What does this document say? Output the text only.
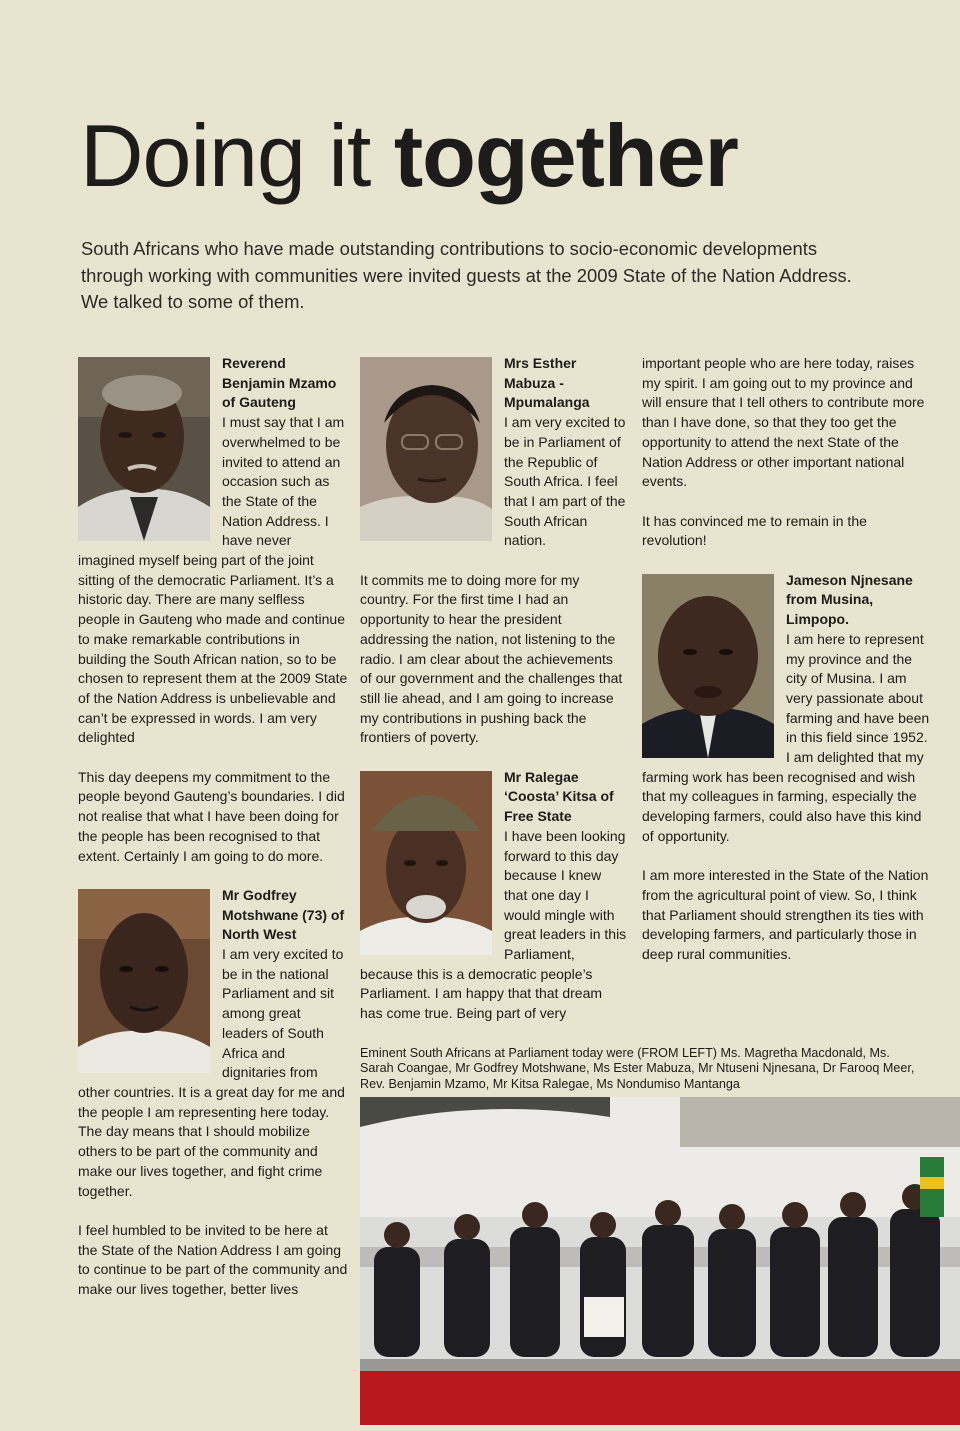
Doing it together

South Africans who have made outstanding contributions to socio-economic developments through working with communities were invited guests at the 2009 State of the Nation Address. We talked to some of them.

Reverend Benjamin Mzamo of Gauteng

I must say that I am overwhelmed to be invited to attend an occasion such as the State of the Nation Address. I have never imagined myself being part of the joint sitting of the democratic Parliament. It’s a historic day. There are many selfless people in Gauteng who made and continue to make remarkable contributions in building the South African nation, so to be chosen to represent them at the 2009 State of the Nation Address is unbelievable and can’t be expressed in words. I am very delighted

This day deepens my commitment to the people beyond Gauteng’s boundaries. I did not realise that what I have been doing for the people has been recognised to that extent. Certainly I am going to do more.

Mr Godfrey Motshwane (73) of North West

I am very excited to be in the national Parliament and sit among great leaders of South Africa and dignitaries from other countries. It is a great day for me and the people I am representing here today. The day means that I should mobilize others to be part of the community and make our lives together, and fight crime together.

I feel humbled to be invited to be here at the State of the Nation Address I am going to continue to be part of the community and make our lives together, better lives

Mrs Esther Mabuza - Mpumalanga

I am very excited to be in Parliament of the Republic of South Africa. I feel that I am part of the South African nation.

It commits me to doing more for my country. For the first time I had an opportunity to hear the president addressing the nation, not listening to the radio. I am clear about the achievements of our government and the challenges that still lie ahead, and I am going to increase my contributions in pushing back the frontiers of poverty.

Mr Ralegae ‘Coosta’ Kitsa of Free State

I have been looking forward to this day because I knew that one day I would mingle with great leaders in this Parliament, because this is a democratic people’s Parliament. I am happy that that dream has come true. Being part of very

important people who are here today, raises my spirit. I am going out to my province and will ensure that I tell others to contribute more than I have done, so that they too get the opportunity to attend the next State of the Nation Address or other important national events.

It has convinced me to remain in the revolution!

Jameson Njnesane from Musina, Limpopo.

I am here to represent my province and the city of Musina. I am very passionate about farming and have been in this field since 1952. I am delighted that my farming work has been recognised and wish that my colleagues in farming, especially the developing farmers, could also have this kind of opportunity.

I am more interested in the State of the Nation from the agricultural point of view. So, I think that Parliament should strengthen its ties with developing farmers, and particularly those in deep rural communities.

Eminent South Africans at Parliament today were (FROM LEFT) Ms. Magretha Macdonald, Ms. Sarah Coangae, Mr Godfrey Motshwane, Ms Ester Mabuza, Mr Ntuseni Njnesana, Dr Farooq Meer, Rev. Benjamin Mzamo, Mr Kitsa Ralegae, Ms Nondumiso Mantanga
